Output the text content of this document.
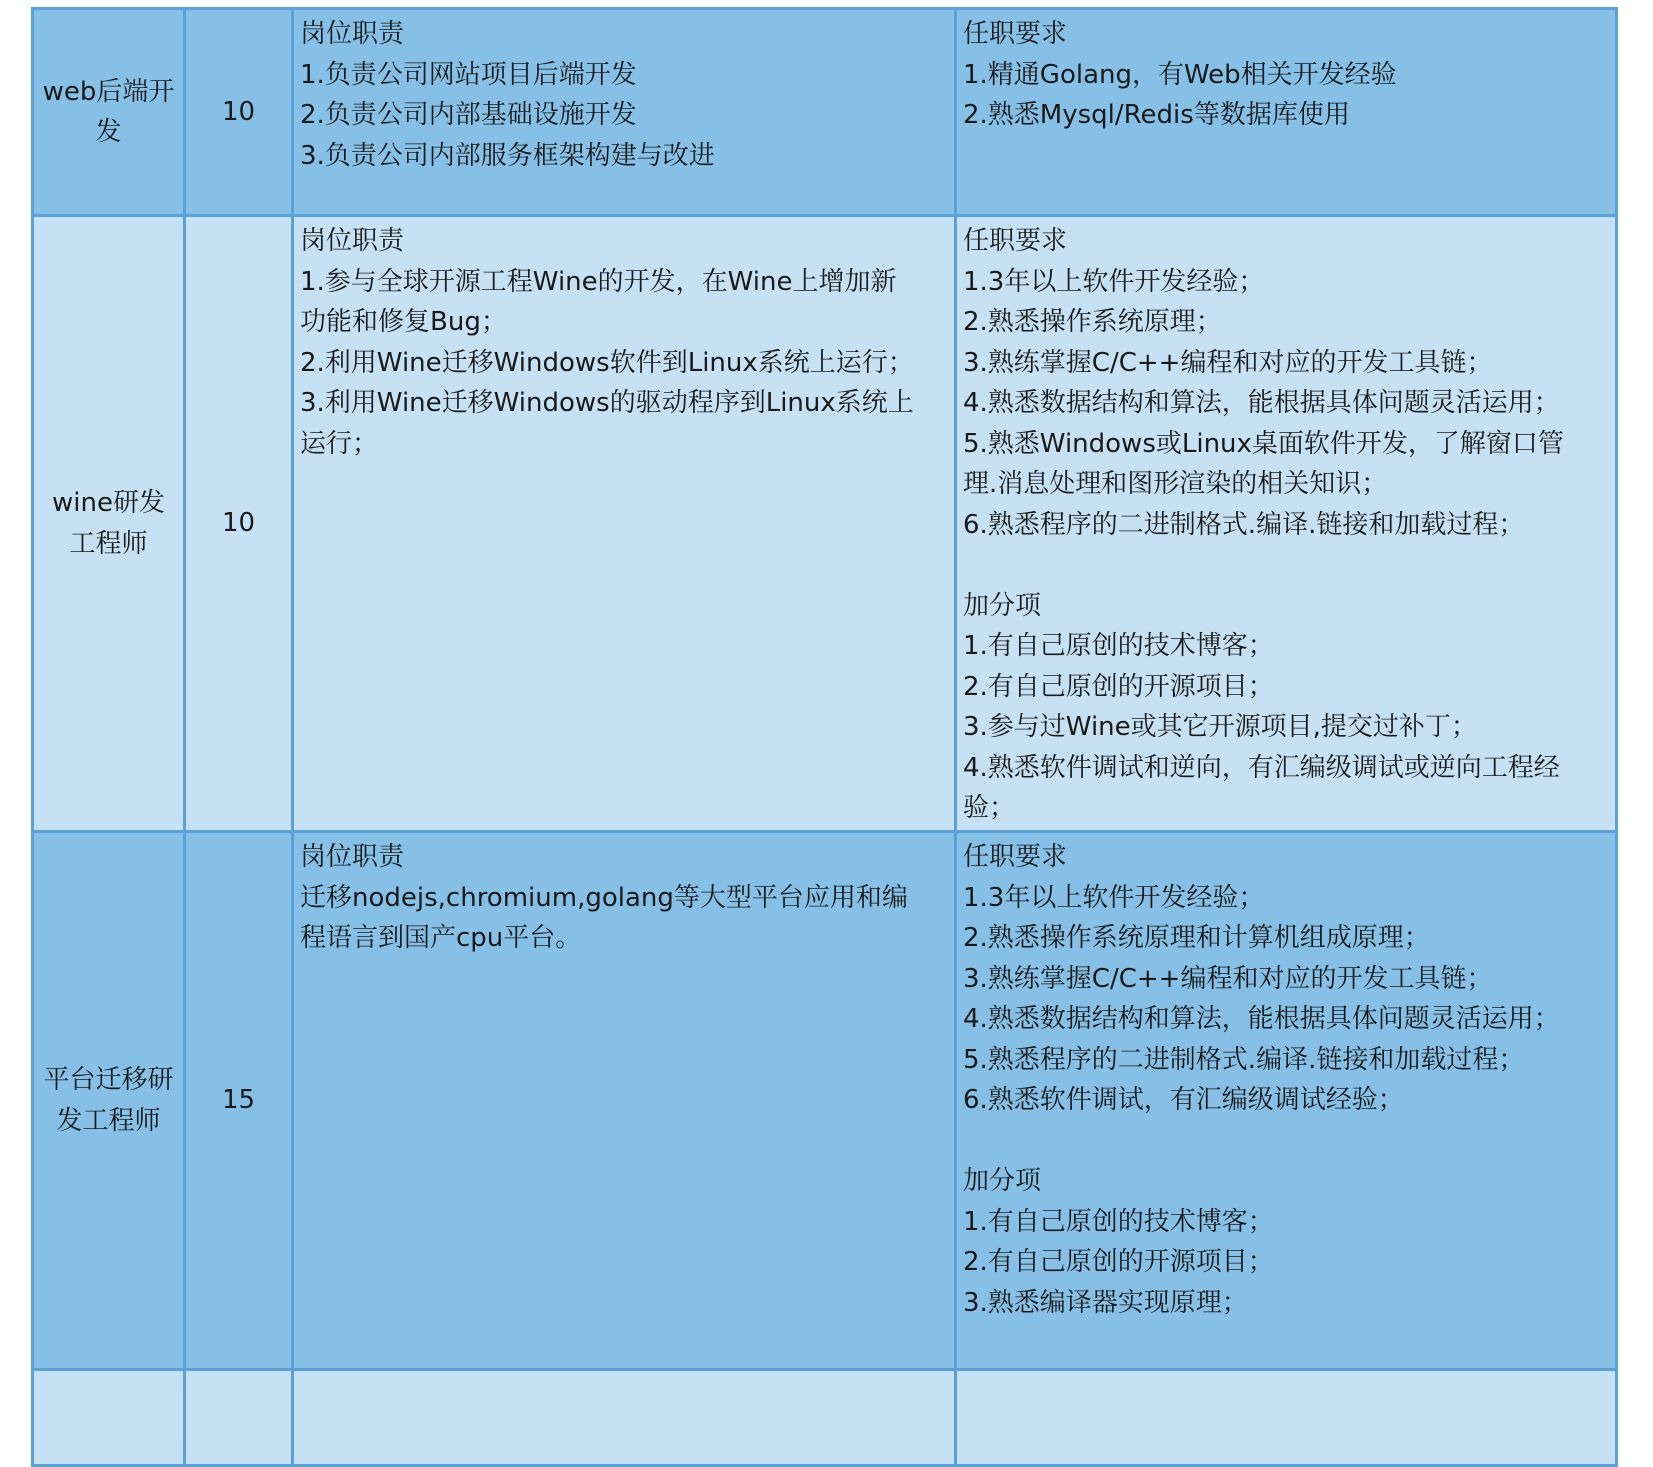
web后端开
发
10
岗位职责
1.负责公司网站项目后端开发
2.负责公司内部基础设施开发
3.负责公司内部服务框架构建与改进
任职要求
1.精通Golang，有Web相关开发经验
2.熟悉Mysql/Redis等数据库使用
wine研发
工程师
10
岗位职责
1.参与全球开源工程Wine的开发，在Wine上增加新
功能和修复Bug；
2.利用Wine迁移Windows软件到Linux系统上运行；
3.利用Wine迁移Windows的驱动程序到Linux系统上
运行；
任职要求
1.3年以上软件开发经验；
2.熟悉操作系统原理；
3.熟练掌握C/C++编程和对应的开发工具链；
4.熟悉数据结构和算法，能根据具体问题灵活运用；
5.熟悉Windows或Linux桌面软件开发，了解窗口管
理.消息处理和图形渲染的相关知识；
6.熟悉程序的二进制格式.编译.链接和加载过程；
加分项
1.有自己原创的技术博客；
2.有自己原创的开源项目；
3.参与过Wine或其它开源项目,提交过补丁；
4.熟悉软件调试和逆向，有汇编级调试或逆向工程经
验；
平台迁移研
发工程师
15
岗位职责
迁移nodejs,chromium,golang等大型平台应用和编
程语言到国产cpu平台。
任职要求
1.3年以上软件开发经验；
2.熟悉操作系统原理和计算机组成原理；
3.熟练掌握C/C++编程和对应的开发工具链；
4.熟悉数据结构和算法，能根据具体问题灵活运用；
5.熟悉程序的二进制格式.编译.链接和加载过程；
6.熟悉软件调试，有汇编级调试经验；
加分项
1.有自己原创的技术博客；
2.有自己原创的开源项目；
3.熟悉编译器实现原理；
